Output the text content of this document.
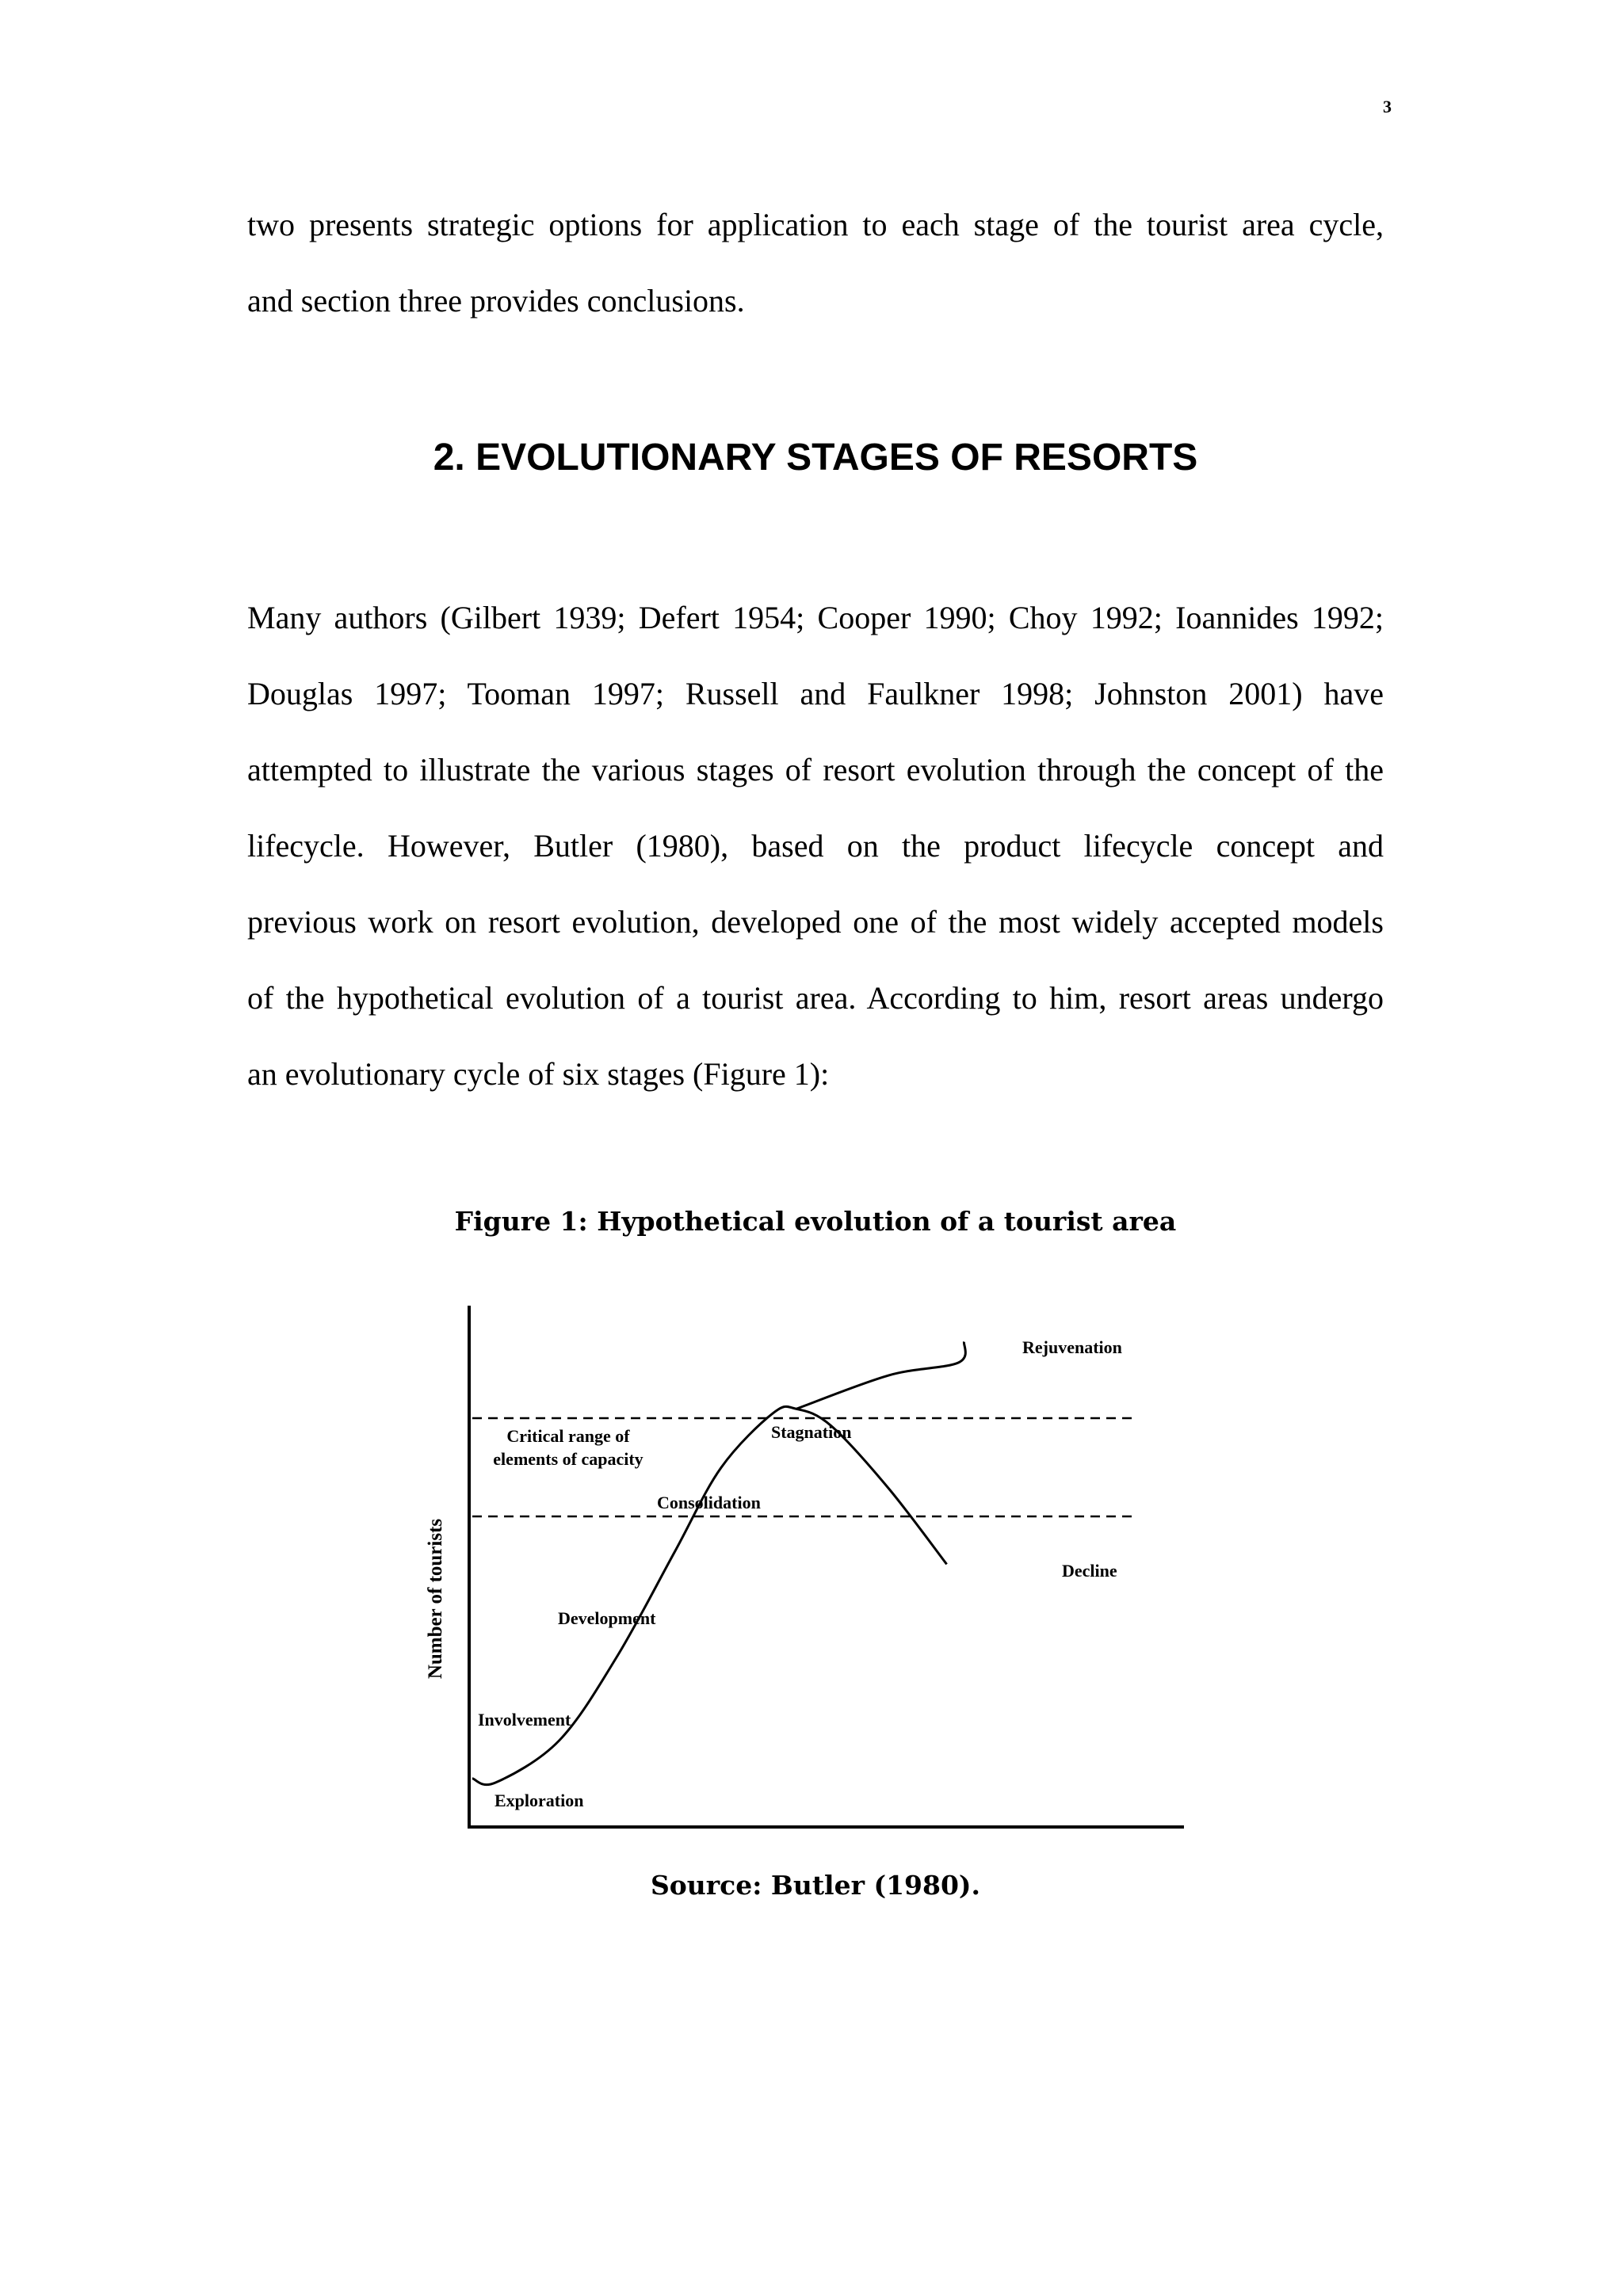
3
two presents strategic options for application to each stage of the tourist area cycle,
and section three provides conclusions.
2. EVOLUTIONARY STAGES OF RESORTS
Many authors (Gilbert 1939; Defert 1954; Cooper 1990; Choy 1992; Ioannides 1992;
Douglas 1997; Tooman 1997; Russell and Faulkner 1998; Johnston 2001) have
attempted to illustrate the various stages of resort evolution through the concept of the
lifecycle. However, Butler (1980), based on the product lifecycle concept and
previous work on resort evolution, developed one of the most widely accepted models
of the hypothetical evolution of a tourist area. According to him, resort areas undergo
an evolutionary cycle of six stages (Figure 1):

Figure 1: Hypothetical evolution of a tourist area

Exploration
Involvement
Development
Consolidation
Stagnation
Rejuvenation
Decline
Critical range of
elements of capacity
Number of tourists

Source: Butler (1980).
